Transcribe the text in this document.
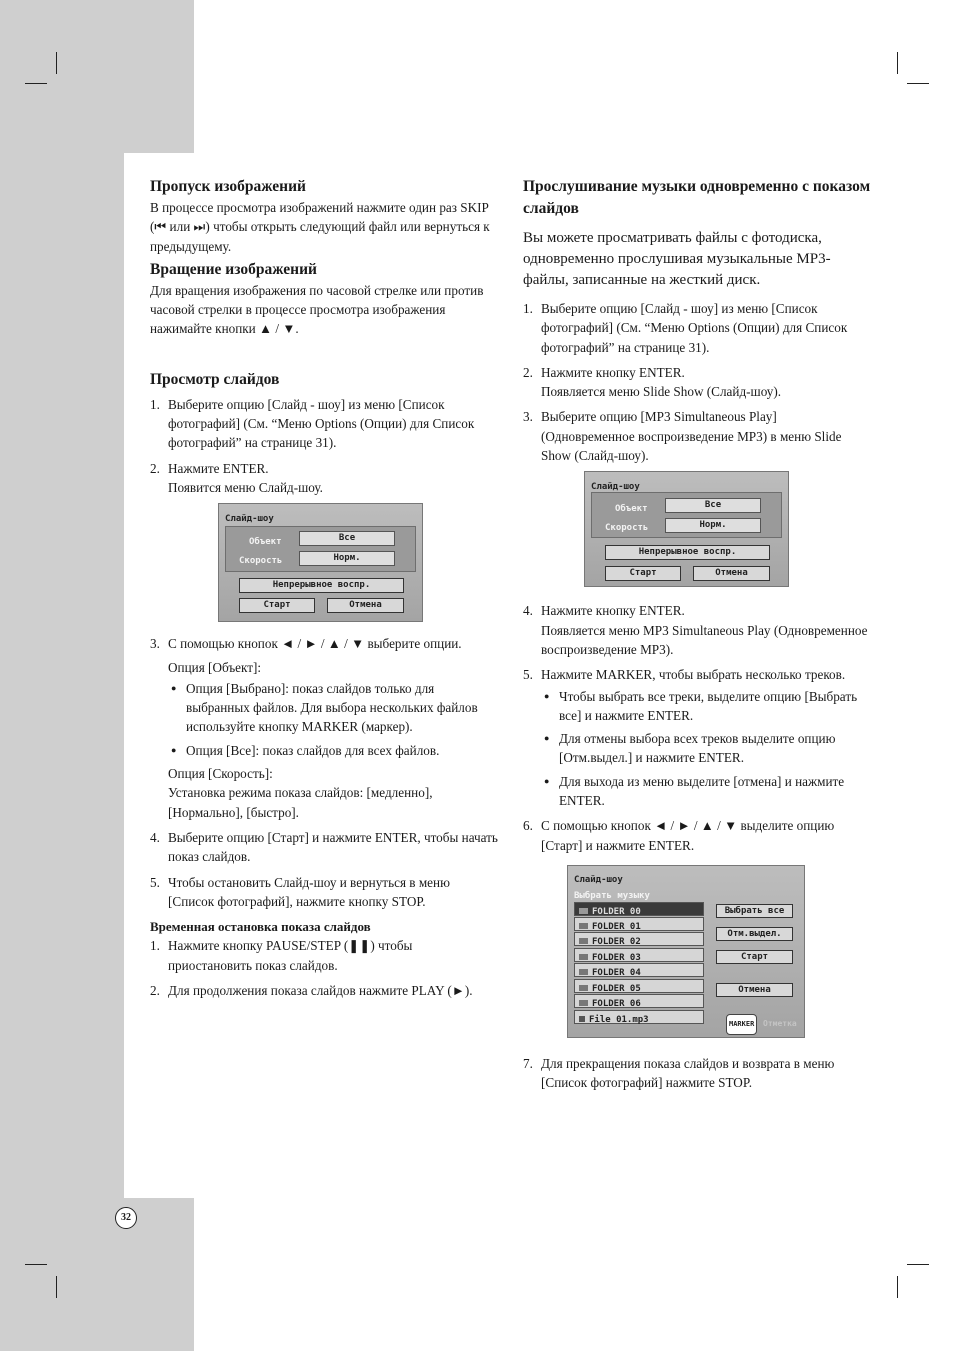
Пропуск изображений

В процессе просмотра изображений нажмите один раз SKIP (⏮ или ⏭) чтобы открыть следующий файл или вернуться к предыдущему.

Вращение изображений

Для вращения изображения по часовой стрелке или против часовой стрелки в процессе просмотра изображения нажимайте кнопки ▲ / ▼.

Просмотр слайдов
1. Выберите опцию [Слайд - шоу] из меню [Список фотографий] (См. “Меню Options (Опции) для Список фотографий” на странице 31).
2. Нажмите ENTER.
Появится меню Слайд-шоу.
Слайд-шоу
Объект	Все
Скорость	Норм.
Непрерывное воспр.
Старт	Отмена
3. С помощью кнопок ◄ / ► / ▲ / ▼ выберите опции.
Опция [Объект]:
● Опция [Выбрано]: показ слайдов только для выбранных файлов. Для выбора нескольких файлов используйте кнопку MARKER (маркер).
● Опция [Все]: показ слайдов для всех файлов.
Опция [Скорость]:
Установка режима показа слайдов: [медленно], [Нормально], [быстро].
4. Выберите опцию [Старт] и нажмите ENTER, чтобы начать показ слайдов.
5. Чтобы остановить Слайд-шоу и вернуться в меню [Список фотографий], нажмите кнопку STOP.
Временная остановка показа слайдов
1. Нажмите кнопку PAUSE/STEP (❚❚) чтобы приостановить показ слайдов.
2. Для продолжения показа слайдов нажмите PLAY (►).
Прослушивание музыки одновременно с показом слайдов

Вы можете просматривать файлы с фотодиска, одновременно прослушивая музыкальные MP3-файлы, записанные на жесткий диск.

1. Выберите опцию [Слайд - шоу] из меню [Список фотографий] (См. “Меню Options (Опции) для Список фотографий” на странице 31).
2. Нажмите кнопку ENTER.
Появляется меню Slide Show (Слайд-шоу).
3. Выберите опцию [MP3 Simultaneous Play] (Одновременное воспроизведение MP3) в меню Slide Show (Слайд-шоу).
Слайд-шоу
Объект	Все
Скорость	Норм.
Непрерывное воспр.
Старт	Отмена
4. Нажмите кнопку ENTER.
Появляется меню MP3 Simultaneous Play (Одновременное воспроизведение MP3).
5. Нажмите MARKER, чтобы выбрать несколько треков.
● Чтобы выбрать все треки, выделите опцию [Выбрать все] и нажмите ENTER.
● Для отмены выбора всех треков выделите опцию [Отм.выдел.] и нажмите ENTER.
● Для выхода из меню выделите [отмена] и нажмите ENTER.
6. С помощью кнопок ◄ / ► / ▲ / ▼ выделите опцию [Старт] и нажмите ENTER.
Слайд-шоу
Выбрать музыку
FOLDER 00
FOLDER 01
FOLDER 02
FOLDER 03
FOLDER 04
FOLDER 05
FOLDER 06
File 01.mp3
Выбрать все
Отм.выдел.
Старт
Отмена
MARKER	Отметка
7. Для прекращения показа слайдов и возврата в меню [Список фотографий] нажмите STOP.
32
